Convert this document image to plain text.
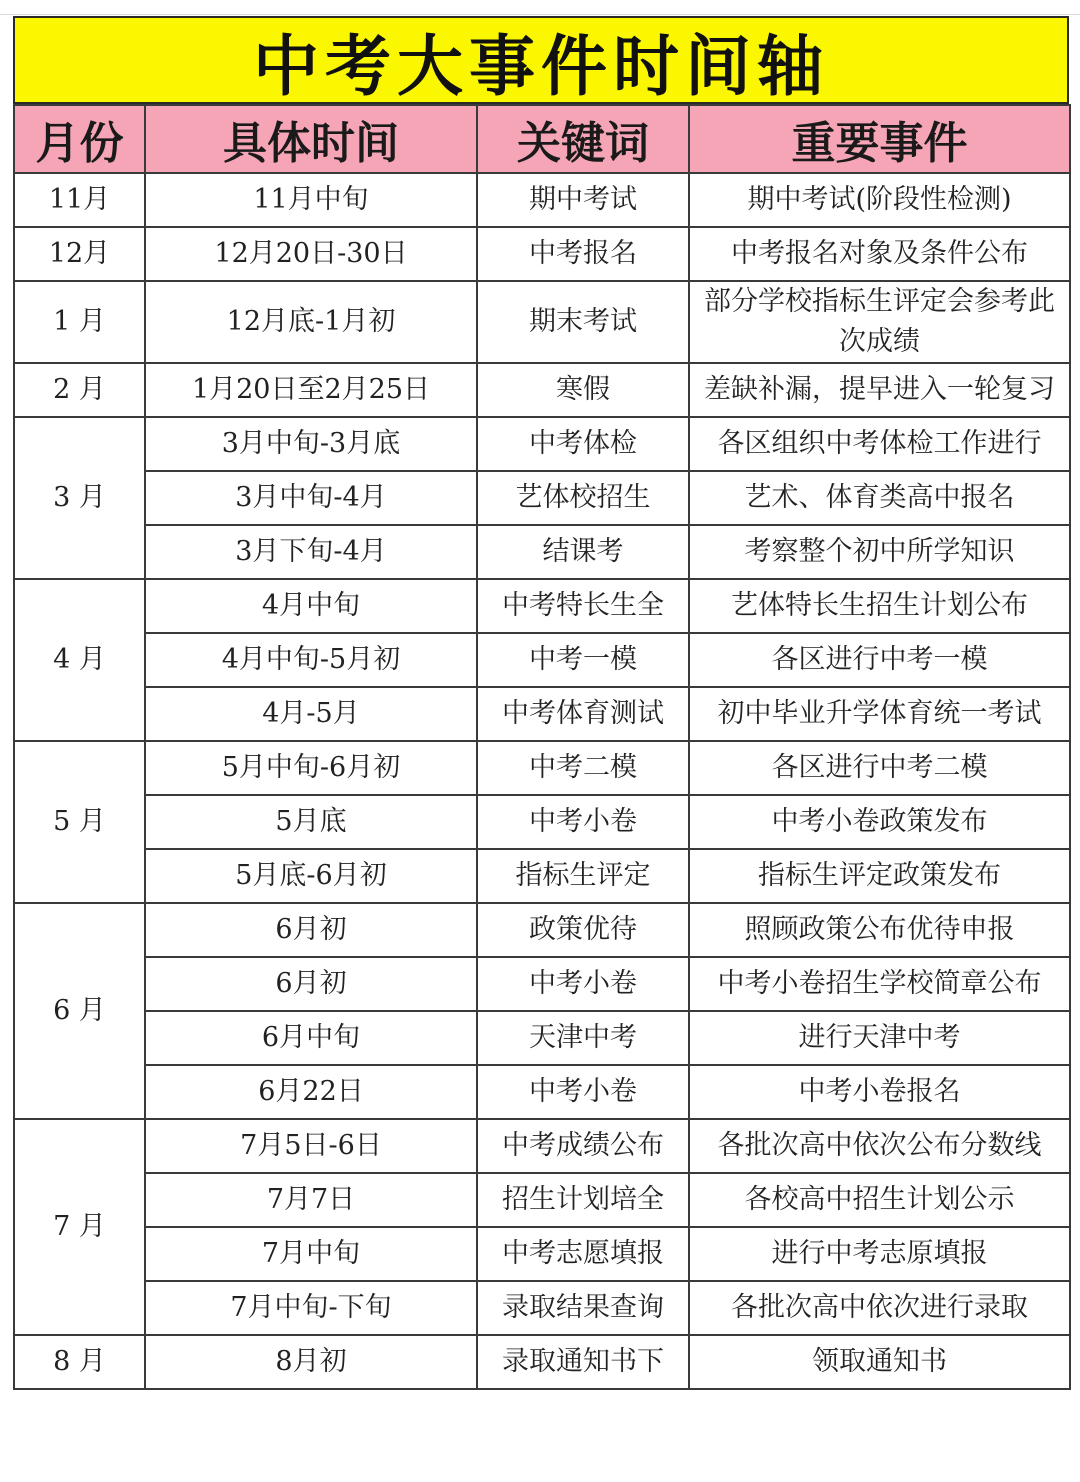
中考大事件时间轴
月份	具体时间	关键词	重要事件
11月	11月中旬	期中考试	期中考试(阶段性检测)
12月	12月20日-30日	中考报名	中考报名对象及条件公布
1 月	12月底-1月初	期末考试	部分学校指标生评定会参考此次成绩
2 月	1月20日至2月25日	寒假	差缺补漏，提早进入一轮复习
3 月	3月中旬-3月底	中考体检	各区组织中考体检工作进行
	3月中旬-4月	艺体校招生	艺术、体育类高中报名
	3月下旬-4月	结课考	考察整个初中所学知识
4 月	4月中旬	中考特长生全	艺体特长生招生计划公布
	4月中旬-5月初	中考一模	各区进行中考一模
	4月-5月	中考体育测试	初中毕业升学体育统一考试
5 月	5月中旬-6月初	中考二模	各区进行中考二模
	5月底	中考小卷	中考小卷政策发布
	5月底-6月初	指标生评定	指标生评定政策发布
6 月	6月初	政策优待	照顾政策公布优待申报
	6月初	中考小卷	中考小卷招生学校简章公布
	6月中旬	天津中考	进行天津中考
	6月22日	中考小卷	中考小卷报名
7 月	7月5日-6日	中考成绩公布	各批次高中依次公布分数线
	7月7日	招生计划培全	各校高中招生计划公示
	7月中旬	中考志愿填报	进行中考志原填报
	7月中旬-下旬	录取结果查询	各批次高中依次进行录取
8 月	8月初	录取通知书下	领取通知书
